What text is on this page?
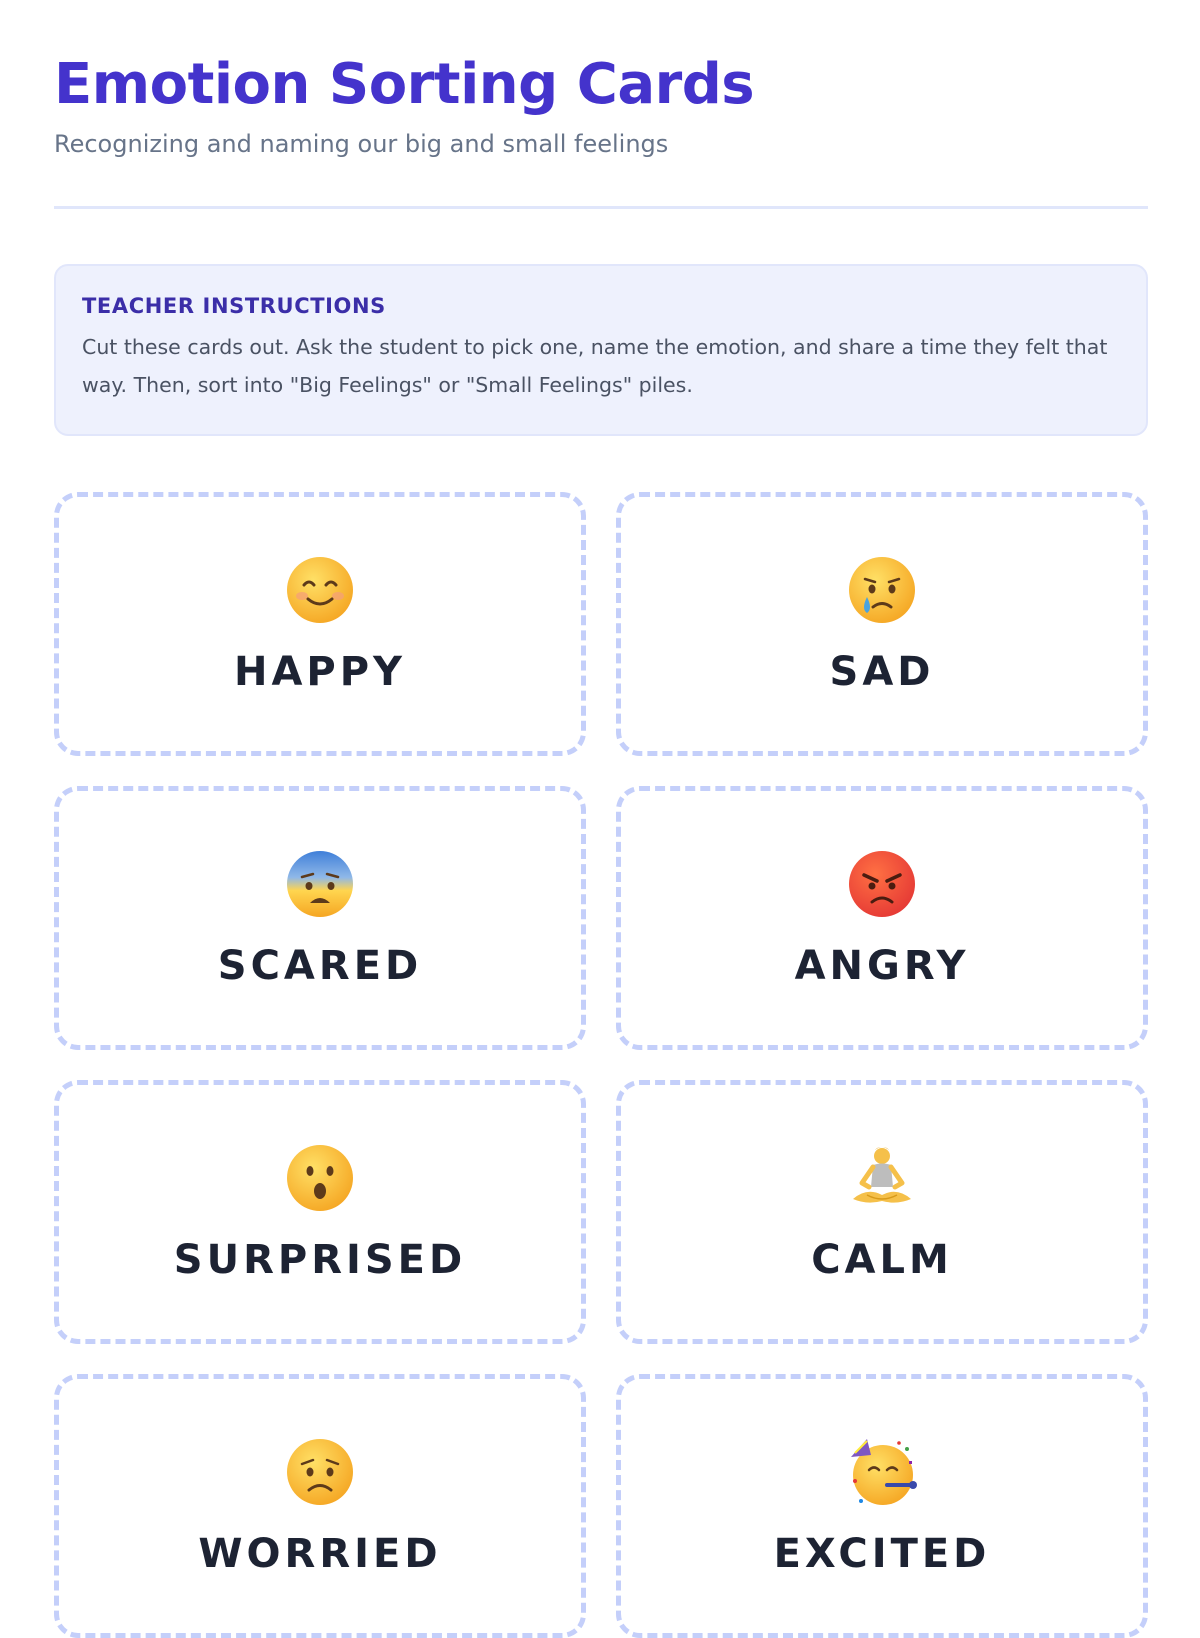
Emotion Sorting Cards

Recognizing and naming our big and small feelings

TEACHER INSTRUCTIONS

Cut these cards out. Ask the student to pick one, name the emotion, and share a time they felt that way. Then, sort into "Big Feelings" or "Small Feelings" piles.

HAPPY	SAD
SCARED	ANGRY
SURPRISED	CALM
WORRIED	EXCITED
